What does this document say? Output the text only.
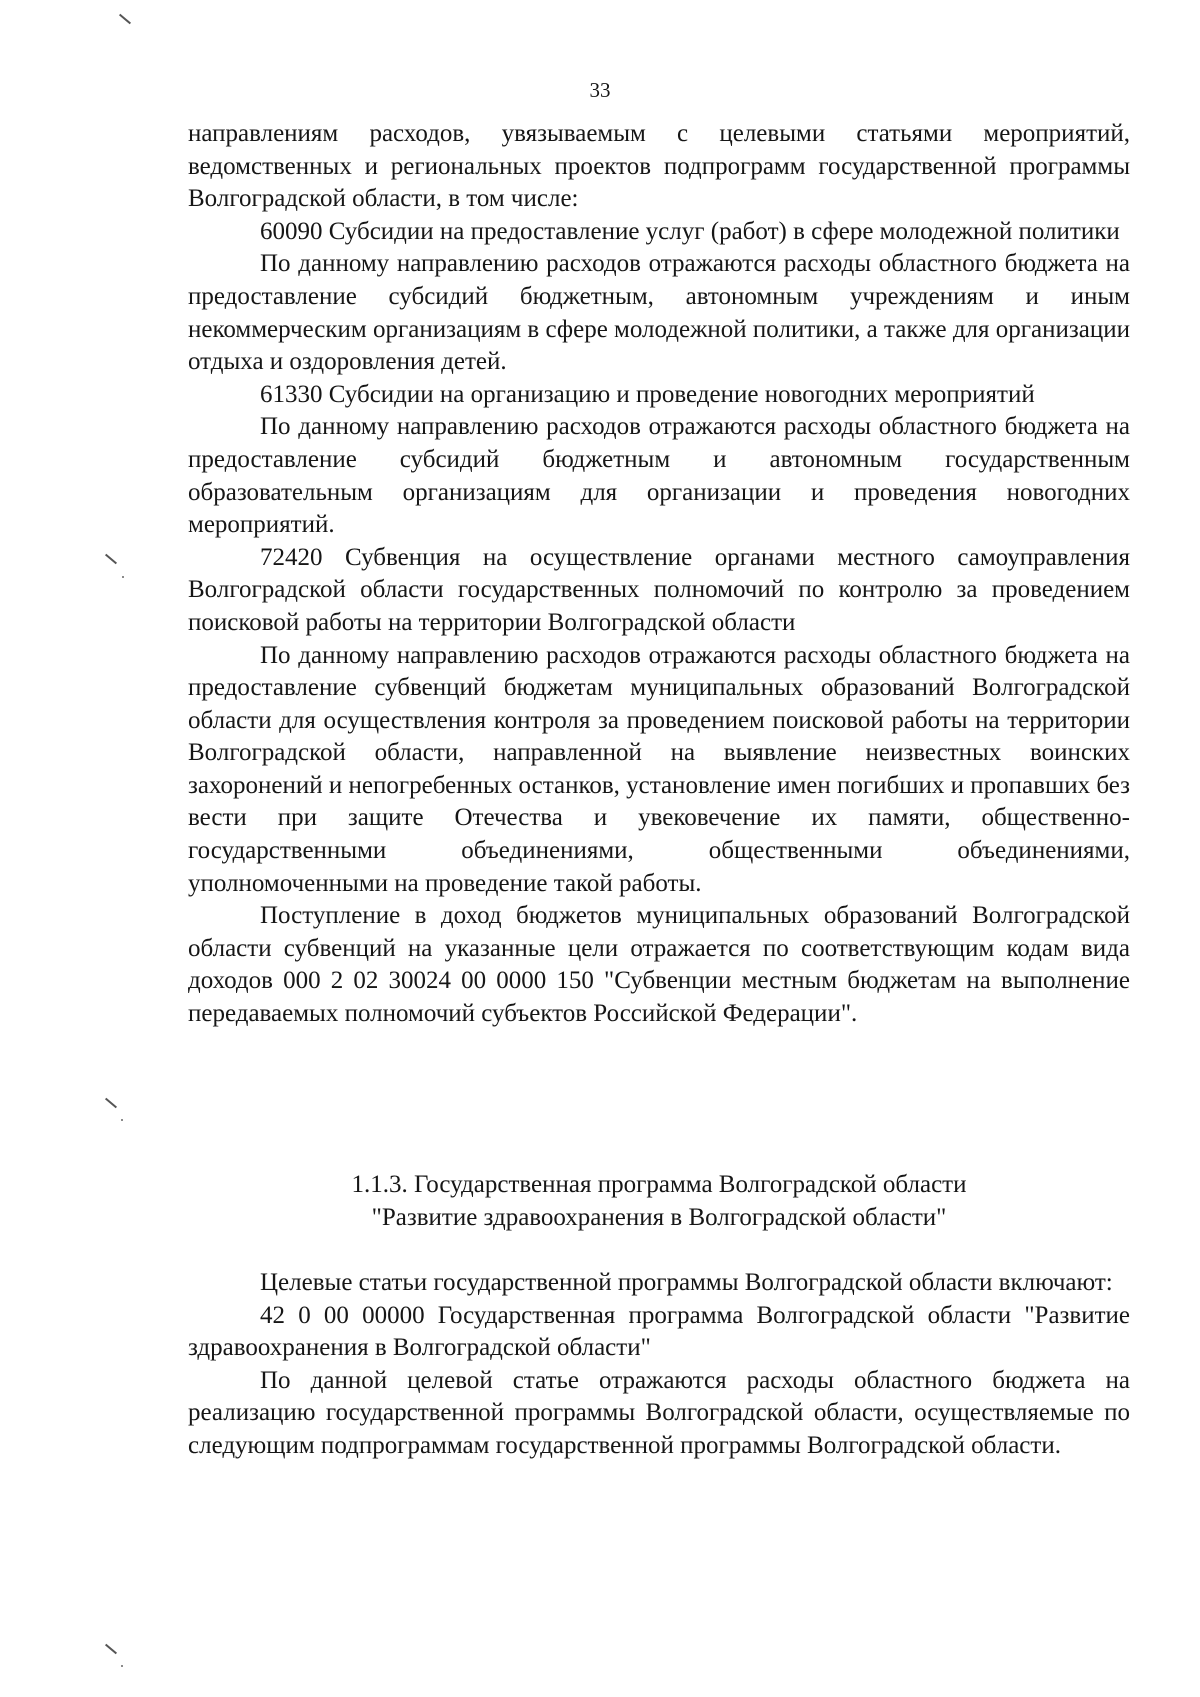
33

направлениям расходов, увязываемым с целевыми статьями мероприятий, ведомственных и региональных проектов подпрограмм государственной программы Волгоградской области, в том числе:

60090 Субсидии на предоставление услуг (работ) в сфере молодежной политики

По данному направлению расходов отражаются расходы областного бюджета на предоставление субсидий бюджетным, автономным учреждениям и иным некоммерческим организациям в сфере молодежной политики, а также для организации отдыха и оздоровления детей.

61330 Субсидии на организацию и проведение новогодних мероприятий

По данному направлению расходов отражаются расходы областного бюджета на предоставление субсидий бюджетным и автономным государственным образовательным организациям для организации и проведения новогодних мероприятий.

72420 Субвенция на осуществление органами местного самоуправления Волгоградской области государственных полномочий по контролю за проведением поисковой работы на территории Волгоградской области

По данному направлению расходов отражаются расходы областного бюджета на предоставление субвенций бюджетам муниципальных образований Волгоградской области для осуществления контроля за проведением поисковой работы на территории Волгоградской области, направленной на выявление неизвестных воинских захоронений и непогребенных останков, установление имен погибших и пропавших без вести при защите Отечества и увековечение их памяти, общественно-государственными объединениями, общественными объединениями, уполномоченными на проведение такой работы.

Поступление в доход бюджетов муниципальных образований Волгоградской области субвенций на указанные цели отражается по соответствующим кодам вида доходов 000 2 02 30024 00 0000 150 "Субвенции местным бюджетам на выполнение передаваемых полномочий субъектов Российской Федерации".

1.1.3. Государственная программа Волгоградской области

"Развитие здравоохранения в Волгоградской области"

Целевые статьи государственной программы Волгоградской области включают:

42 0 00 00000 Государственная программа Волгоградской области "Развитие здравоохранения в Волгоградской области"

По данной целевой статье отражаются расходы областного бюджета на реализацию государственной программы Волгоградской области, осуществляемые по следующим подпрограммам государственной программы Волгоградской области.
